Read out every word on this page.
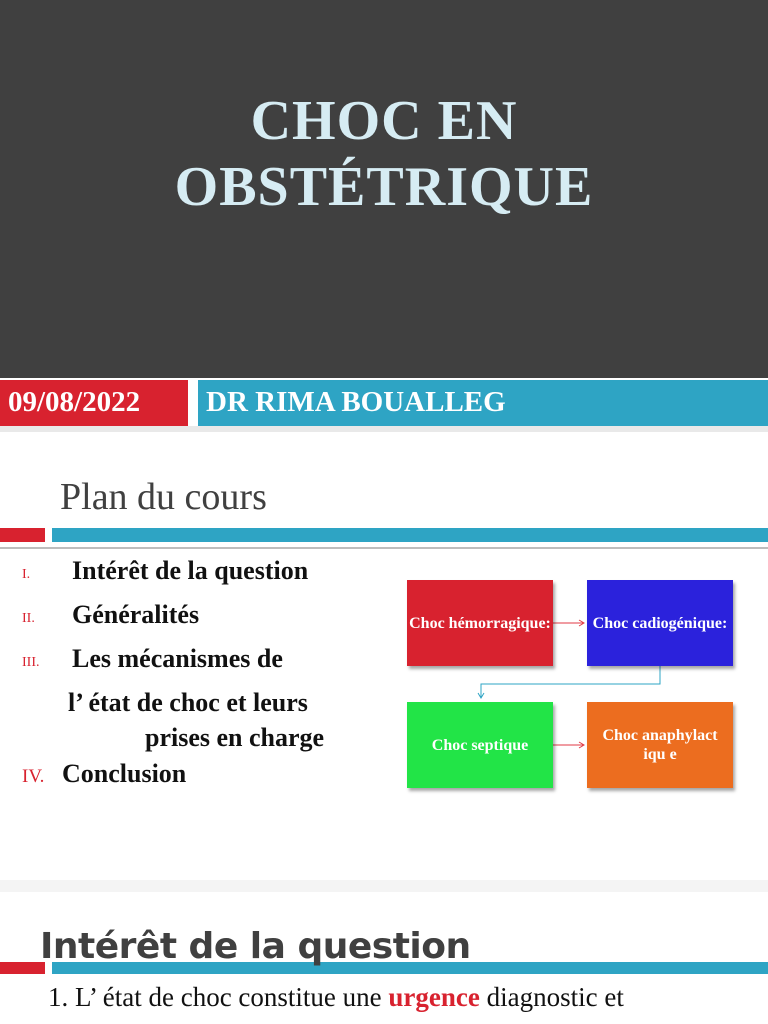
CHOC EN
OBSTÉTRIQUE
09/08/2022 DR RIMA BOUALLEG
Plan du cours
I. Intérêt de la question
II. Généralités
III. Les mécanismes de
l’ état de choc et leurs
prises en charge
IV. Conclusion
Choc hémorragique:	Choc cadiogénique:
Choc septique
Choc anaphylactiqu e
Intérêt de la question
1. L’ état de choc constitue une urgence diagnostic et
